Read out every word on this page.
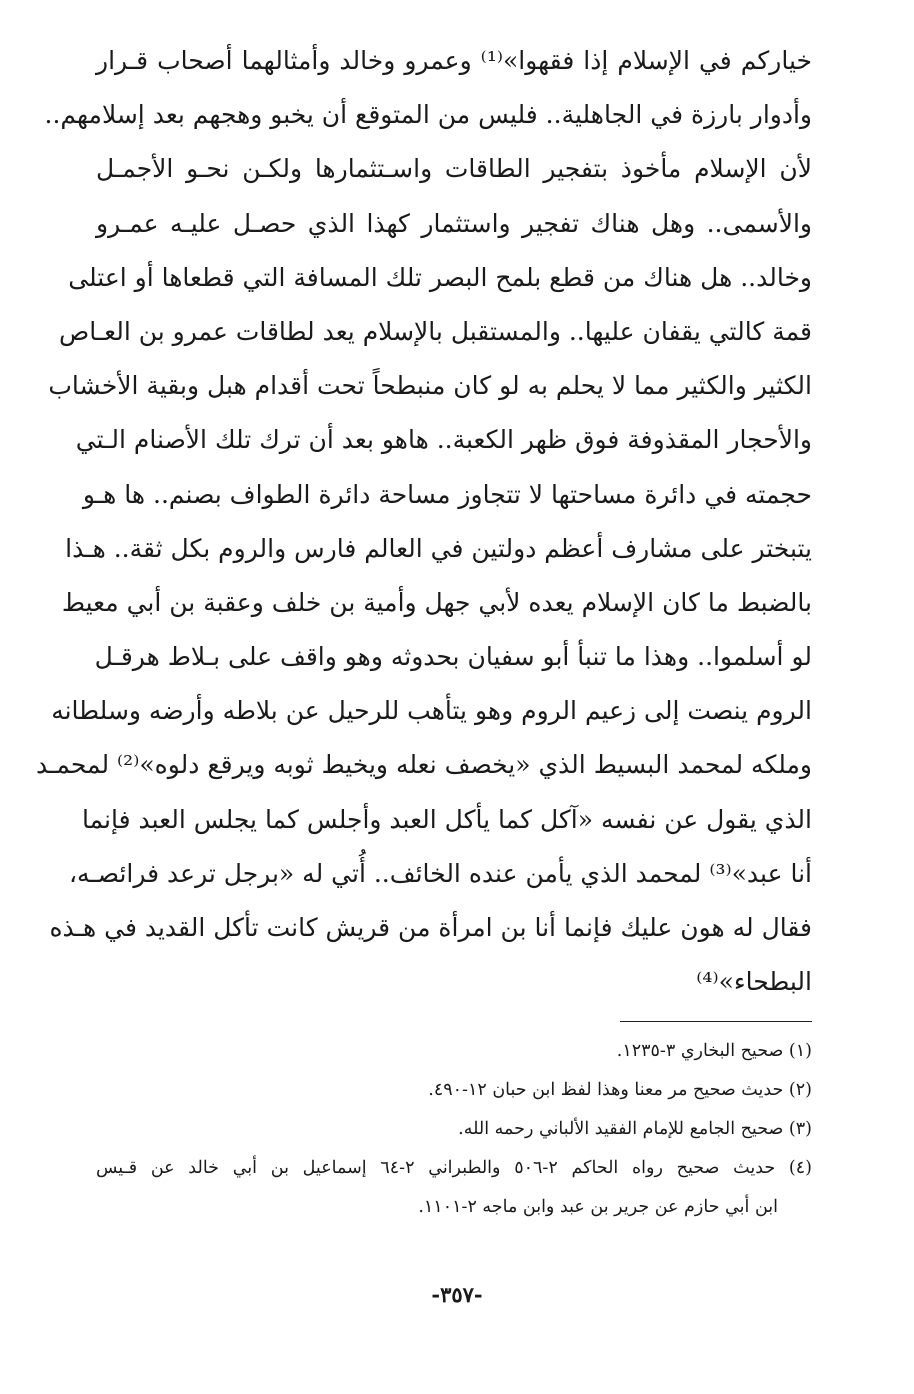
خياركم في الإسلام إذا فقهوا»⁽¹⁾ وعمرو وخالد وأمثالهما أصحاب قـرار
وأدوار بارزة في الجاهلية.. فليس من المتوقع أن يخبو وهجهم بعد إسلامهم..
لأن الإسلام مأخوذ بتفجير الطاقات واسـتثمارها ولكـن نحـو الأجمـل
والأسمى.. وهل هناك تفجير واستثمار كهذا الذي حصـل عليـه عمـرو
وخالد.. هل هناك من قطع بلمح البصر تلك المسافة التي قطعاها أو اعتلى
قمة كالتي يقفان عليها.. والمستقبل بالإسلام يعد لطاقات عمرو بن العـاص
الكثير والكثير مما لا يحلم به لو كان منبطحاً تحت أقدام هبل وبقية الأخشاب
والأحجار المقذوفة فوق ظهر الكعبة.. هاهو بعد أن ترك تلك الأصنام الـتي
حجمته في دائرة مساحتها لا تتجاوز مساحة دائرة الطواف بصنم.. ها هـو
يتبختر على مشارف أعظم دولتين في العالم فارس والروم بكل ثقة.. هـذا
بالضبط ما كان الإسلام يعده لأبي جهل وأمية بن خلف وعقبة بن أبي معيط
لو أسلموا.. وهذا ما تنبأ أبو سفيان بحدوثه وهو واقف على بـلاط هرقـل
الروم ينصت إلى زعيم الروم وهو يتأهب للرحيل عن بلاطه وأرضه وسلطانه
وملكه لمحمد البسيط الذي «يخصف نعله ويخيط ثوبه ويرقع دلوه»⁽²⁾ لمحمـد
الذي يقول عن نفسه «آكل كما يأكل العبد وأجلس كما يجلس العبد فإنما
أنا عبد»⁽³⁾ لمحمد الذي يأمن عنده الخائف.. أُتي له «برجل ترعد فرائصـه،
فقال له هون عليك فإنما أنا بن امرأة من قريش كانت تأكل القديد في هـذه
البطحاء»⁽⁴⁾
(١) صحيح البخاري ٣-١٢٣٥.
(٢) حديث صحيح مر معنا وهذا لفظ ابن حبان ١٢-٤٩٠.
(٣) صحيح الجامع للإمام الفقيد الألباني رحمه الله.
(٤) حديث صحيح رواه الحاكم ٢-٥٠٦ والطبراني ٢-٦٤ إسماعيل بن أبي خالد عن قـيس
ابن أبي حازم عن جرير بن عبد وابن ماجه ٢-١١٠١.
-٣٥٧-
